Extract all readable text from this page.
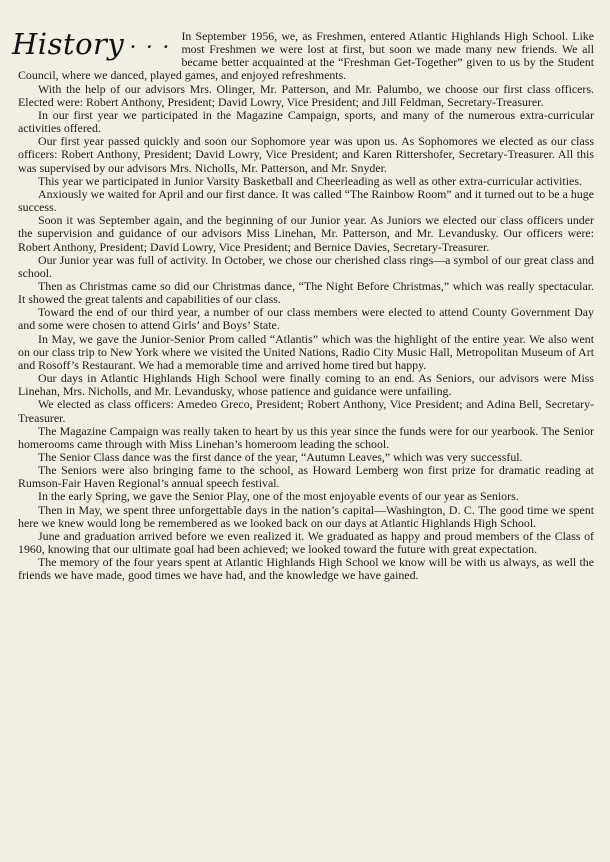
History . . . In September 1956, we, as Freshmen, entered Atlantic Highlands High School. Like most Freshmen we were lost at first, but soon we made many new friends. We all became better acquainted at the “Freshman Get-Together” given to us by the Student Council, where we danced, played games, and enjoyed refreshments.

With the help of our advisors Mrs. Olinger, Mr. Patterson, and Mr. Palumbo, we choose our first class officers. Elected were: Robert Anthony, President; David Lowry, Vice President; and Jill Feldman, Secretary-Treasurer.

In our first year we participated in the Magazine Campaign, sports, and many of the numerous extra-curricular activities offered.

Our first year passed quickly and soon our Sophomore year was upon us. As Sophomores we elected as our class officers: Robert Anthony, President; David Lowry, Vice President; and Karen Rittershofer, Secretary-Treasurer. All this was supervised by our advisors Mrs. Nicholls, Mr. Patterson, and Mr. Snyder.

This year we participated in Junior Varsity Basketball and Cheerleading as well as other extra-curricular activities.

Anxiously we waited for April and our first dance. It was called “The Rainbow Room” and it turned out to be a huge success.

Soon it was September again, and the beginning of our Junior year. As Juniors we elected our class officers under the supervision and guidance of our advisors Miss Linehan, Mr. Patterson, and Mr. Levandusky. Our officers were: Robert Anthony, President; David Lowry, Vice President; and Bernice Davies, Secretary-Treasurer.

Our Junior year was full of activity. In October, we chose our cherished class rings—a symbol of our great class and school.

Then as Christmas came so did our Christmas dance, “The Night Before Christmas,” which was really spectacular. It showed the great talents and capabilities of our class.

Toward the end of our third year, a number of our class members were elected to attend County Government Day and some were chosen to attend Girls’ and Boys’ State.

In May, we gave the Junior-Senior Prom called “Atlantis” which was the highlight of the entire year. We also went on our class trip to New York where we visited the United Nations, Radio City Music Hall, Metropolitan Museum of Art and Rosoff’s Restaurant. We had a memorable time and arrived home tired but happy.

Our days in Atlantic Highlands High School were finally coming to an end. As Seniors, our advisors were Miss Linehan, Mrs. Nicholls, and Mr. Levandusky, whose patience and guidance were unfailing.

We elected as class officers: Amedeo Greco, President; Robert Anthony, Vice President; and Adina Bell, Secretary-Treasurer.

The Magazine Campaign was really taken to heart by us this year since the funds were for our yearbook. The Senior homerooms came through with Miss Linehan’s homeroom leading the school.

The Senior Class dance was the first dance of the year, “Autumn Leaves,” which was very successful.

The Seniors were also bringing fame to the school, as Howard Lemberg won first prize for dramatic reading at Rumson-Fair Haven Regional’s annual speech festival.

In the early Spring, we gave the Senior Play, one of the most enjoyable events of our year as Seniors.

Then in May, we spent three unforgettable days in the nation’s capital—Washington, D. C. The good time we spent here we knew would long be remembered as we looked back on our days at Atlantic Highlands High School.

June and graduation arrived before we even realized it. We graduated as happy and proud members of the Class of 1960, knowing that our ultimate goal had been achieved; we looked toward the future with great expectation.

The memory of the four years spent at Atlantic Highlands High School we know will be with us always, as well the friends we have made, good times we have had, and the knowledge we have gained.
